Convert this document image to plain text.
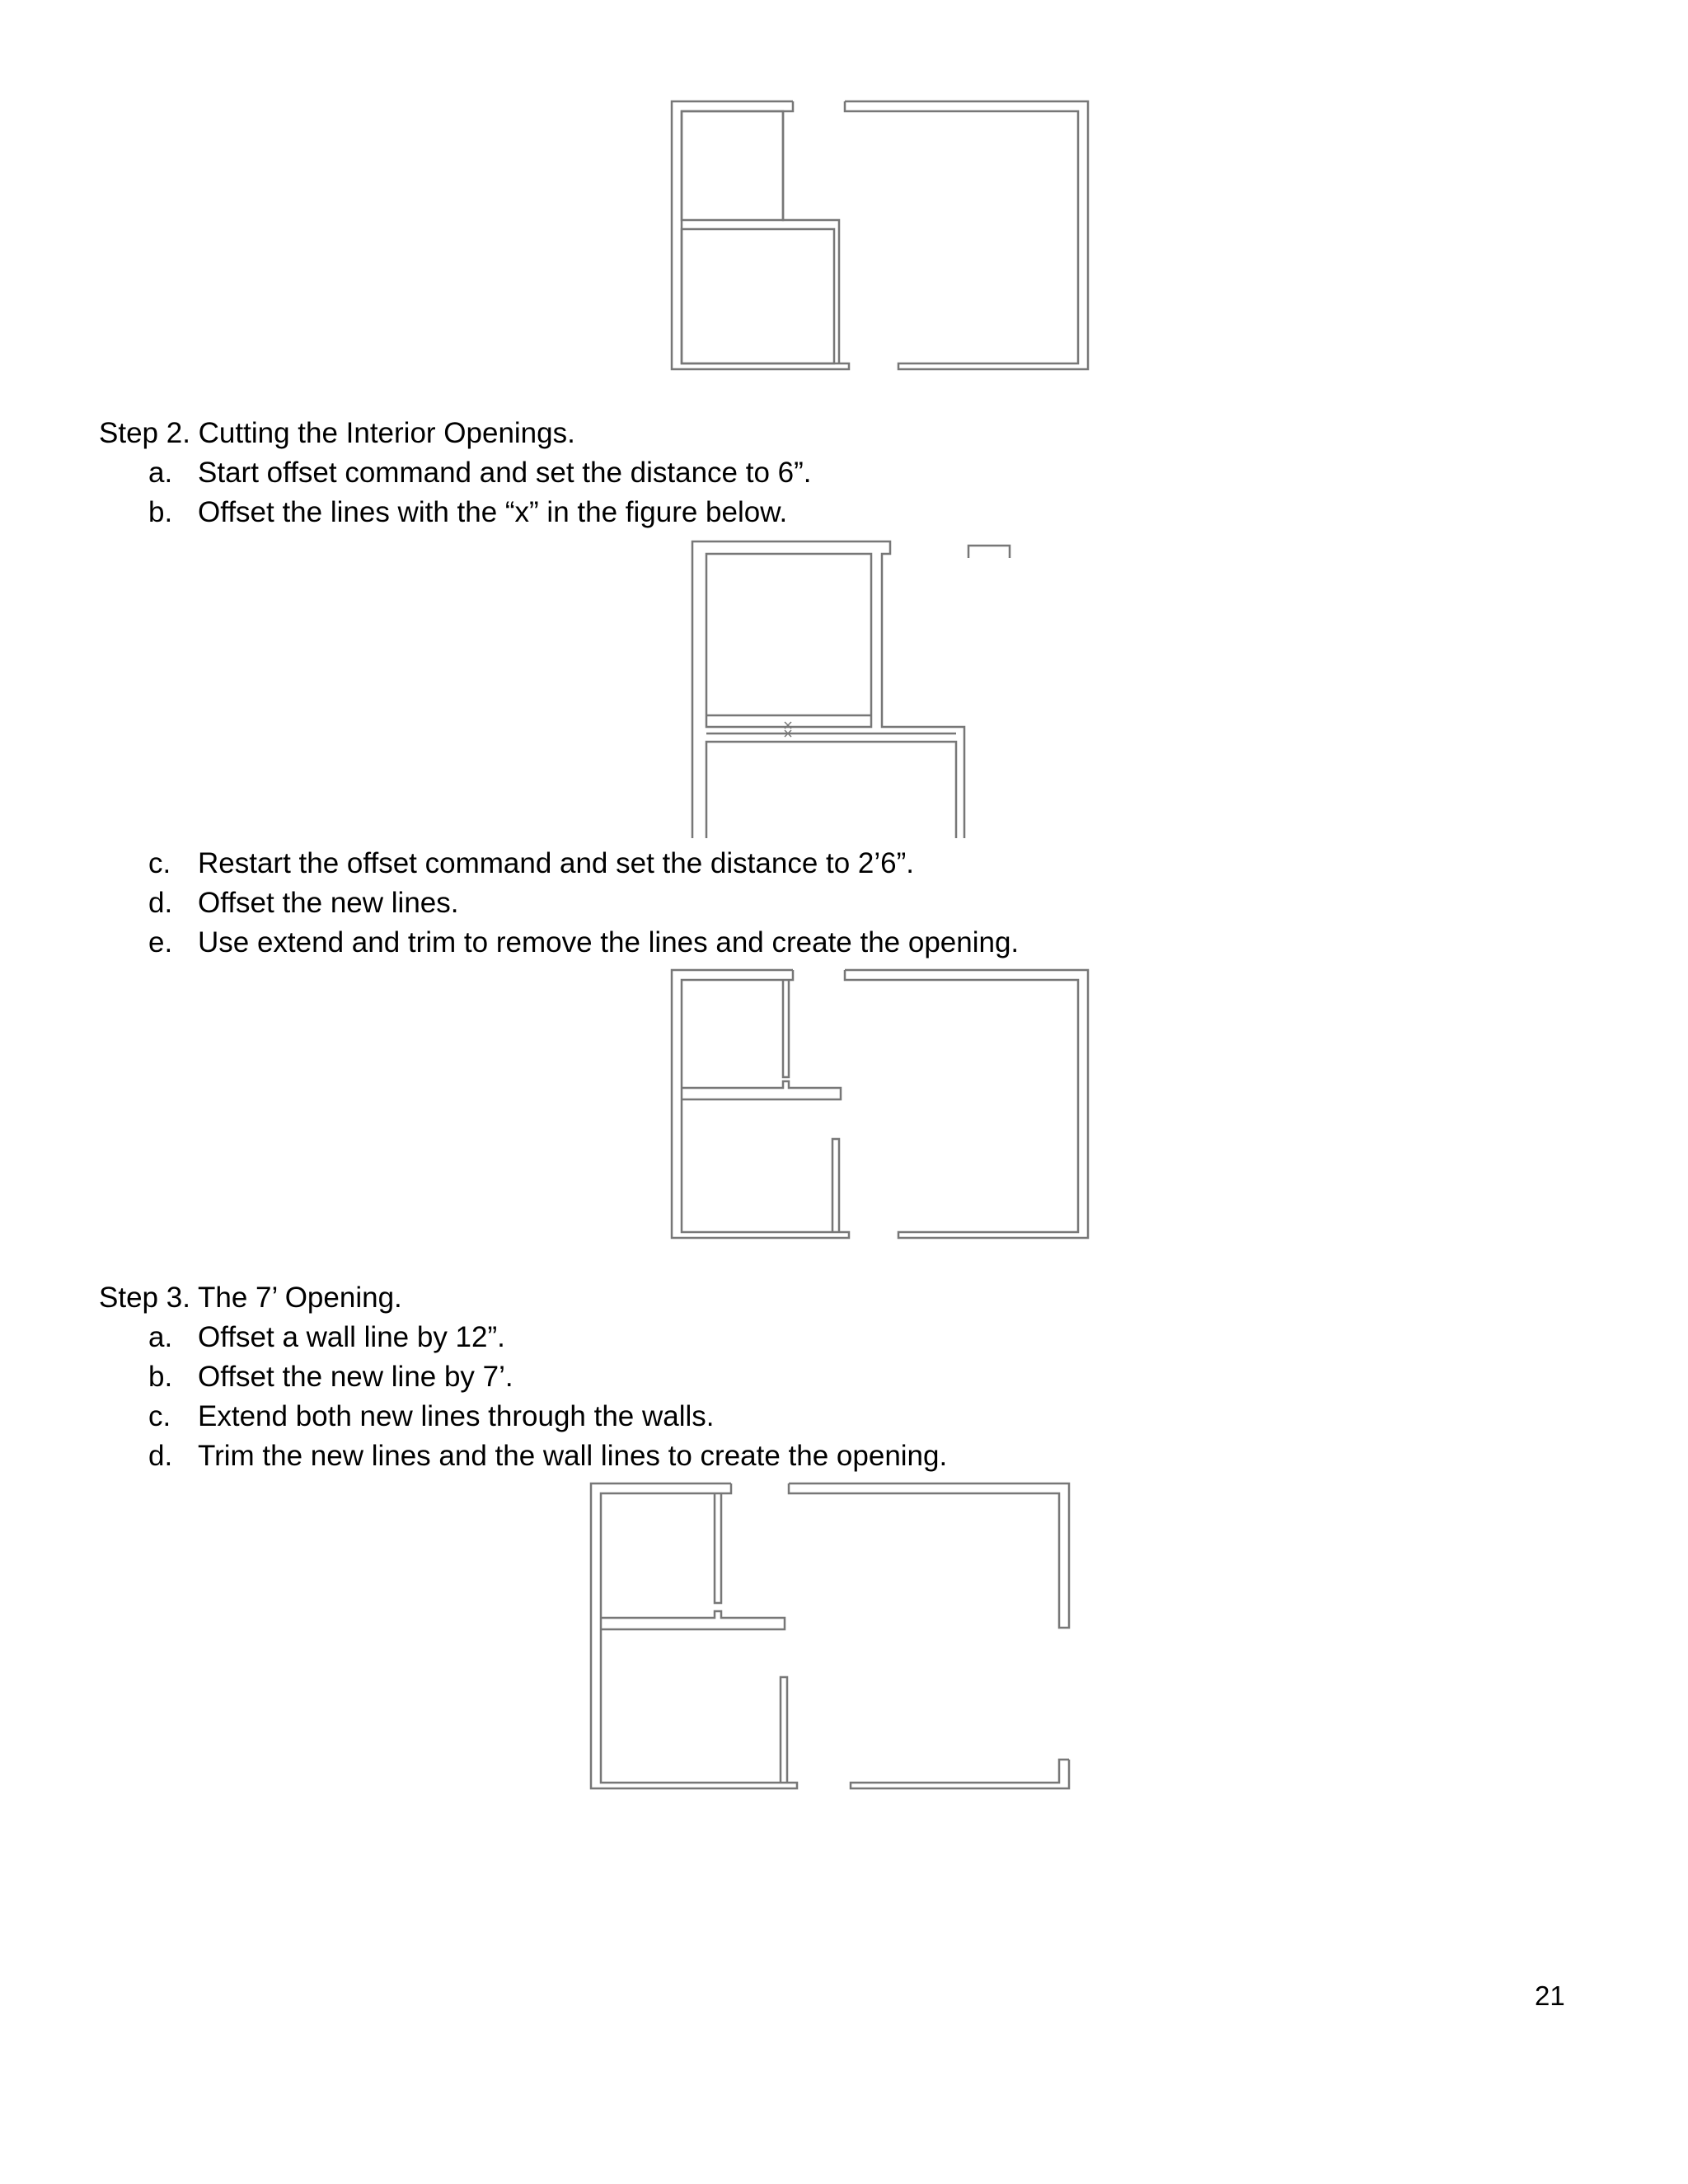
Step 2. Cutting the Interior Openings.
a. Start offset command and set the distance to 6”.
b. Offset the lines with the “x” in the figure below.
c. Restart the offset command and set the distance to 2’6”.
d. Offset the new lines.
e. Use extend and trim to remove the lines and create the opening.
Step 3. The 7’ Opening.
a. Offset a wall line by 12”.
b. Offset the new line by 7’.
c. Extend both new lines through the walls.
d. Trim the new lines and the wall lines to create the opening.
21
